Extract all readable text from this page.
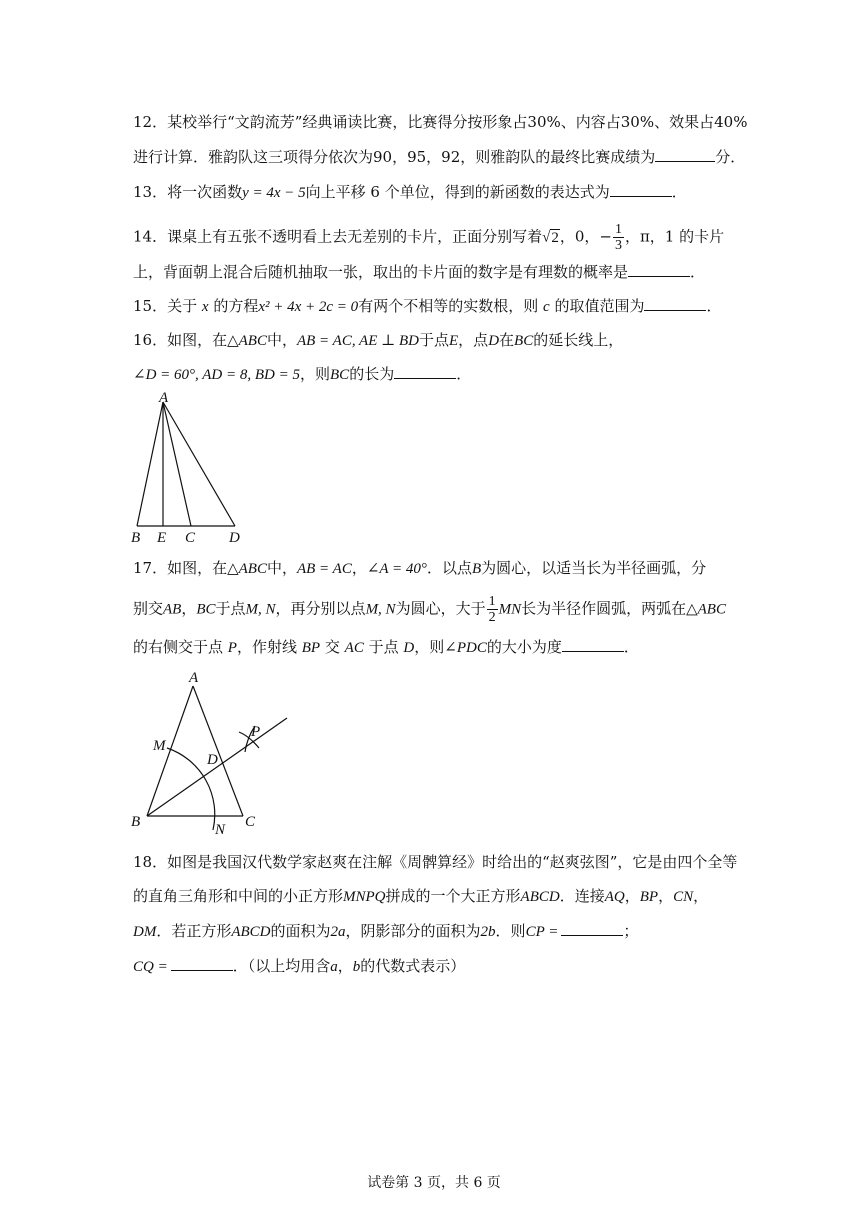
12．某校举行“文韵流芳”经典诵读比赛，比赛得分按形象占30%、内容占30%、效果占40%
进行计算．雅韵队这三项得分依次为90，95，92，则雅韵队的最终比赛成绩为	分．
13．将一次函数y = 4x − 5向上平移 6 个单位，得到的新函数的表达式为	．
14．课桌上有五张不透明看上去无差别的卡片，正面分别写着√2，0，− $\frac{1}{3}$ ，π，1 的卡片
上，背面朝上混合后随机抽取一张，取出的卡片面的数字是有理数的概率是	．
15．关于 x 的方程x² + 4x + 2c = 0有两个不相等的实数根，则 c 的取值范围为	．
16．如图，在△ABC中，AB = AC, AE ⊥ BD于点E，点D在BC的延长线上，
∠D = 60°, AD = 8, BD = 5，则BC的长为	．
A
B E C D
17．如图，在△ABC中，AB = AC，∠A = 40°．以点B为圆心，以适当长为半径画弧，分
别交AB，BC于点M, N，再分别以点M, N为圆心，大于 $\frac{1}{2}$ MN长为半径作圆弧，两弧在△ABC
的右侧交于点 P，作射线 BP 交 AC 于点 D，则∠PDC的大小为度	．
A
M
P
D
B	N C
18．如图是我国汉代数学家赵爽在注解《周髀算经》时给出的“赵爽弦图”，它是由四个全等
的直角三角形和中间的小正方形MNPQ拼成的一个大正方形ABCD．连接AQ，BP，CN，
DM．若正方形ABCD的面积为2a，阴影部分的面积为2b．则CP =	；
CQ =	．（以上均用含a，b的代数式表示）
试卷第 3 页，共 6 页
